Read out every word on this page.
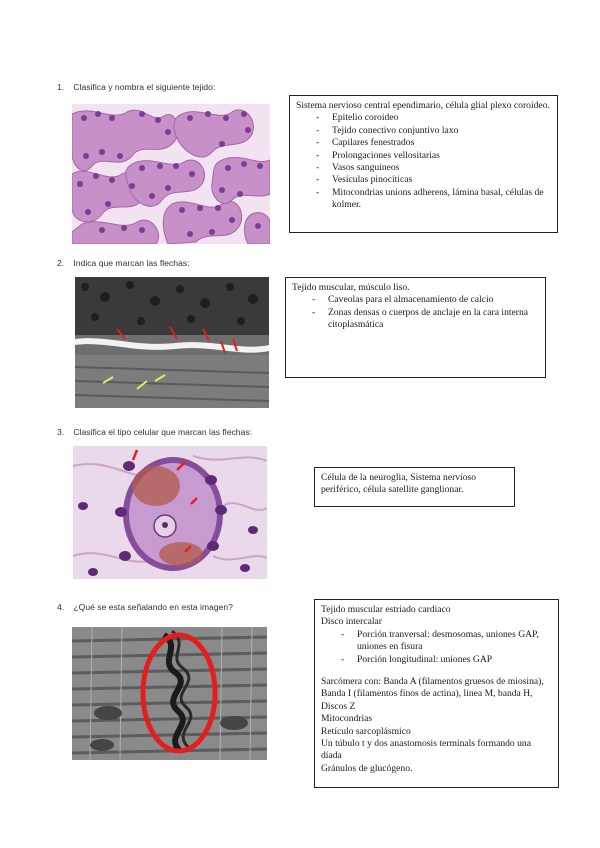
1. Clasifica y nombra el siguiente tejido:
Sistema nervioso central ependimario, célula glial plexo coroideo.
- Epitelio coroideo
- Tejido conectivo conjuntivo laxo
- Capilares fenestrados
- Prolongaciones vellositarias
- Vasos sanguíneos
- Vesículas pinocíticas
- Mitocondrias unions adherens, lámina basal, células de kolmer.
2. Indica que marcan las flechas:
Tejido muscular, músculo liso.
- Caveolas para el almacenamiento de calcio
- Zonas densas o cuerpos de anclaje en la cara interna citoplasmática
3. Clasifica el tipo celular que marcan las flechas:
Célula de la neuroglia, Sistema nervioso periférico, célula satellite ganglionar.
4. ¿Qué se esta señalando en esta imagen?	Tejido muscular estriado cardiaco
Disco intercalar
- Porción tranversal: desmosomas, uniones GAP, uniones en fisura
- Porción longitudinal: uniones GAP
Sarcómera con: Banda A (filamentos gruesos de miosina), Banda I (filamentos finos de actina), línea M, banda H, Discos Z
Mitocondrias
Retículo sarcoplásmico
Un túbulo t y dos anastomosis terminals formando una díada
Gránulos de glucógeno.
